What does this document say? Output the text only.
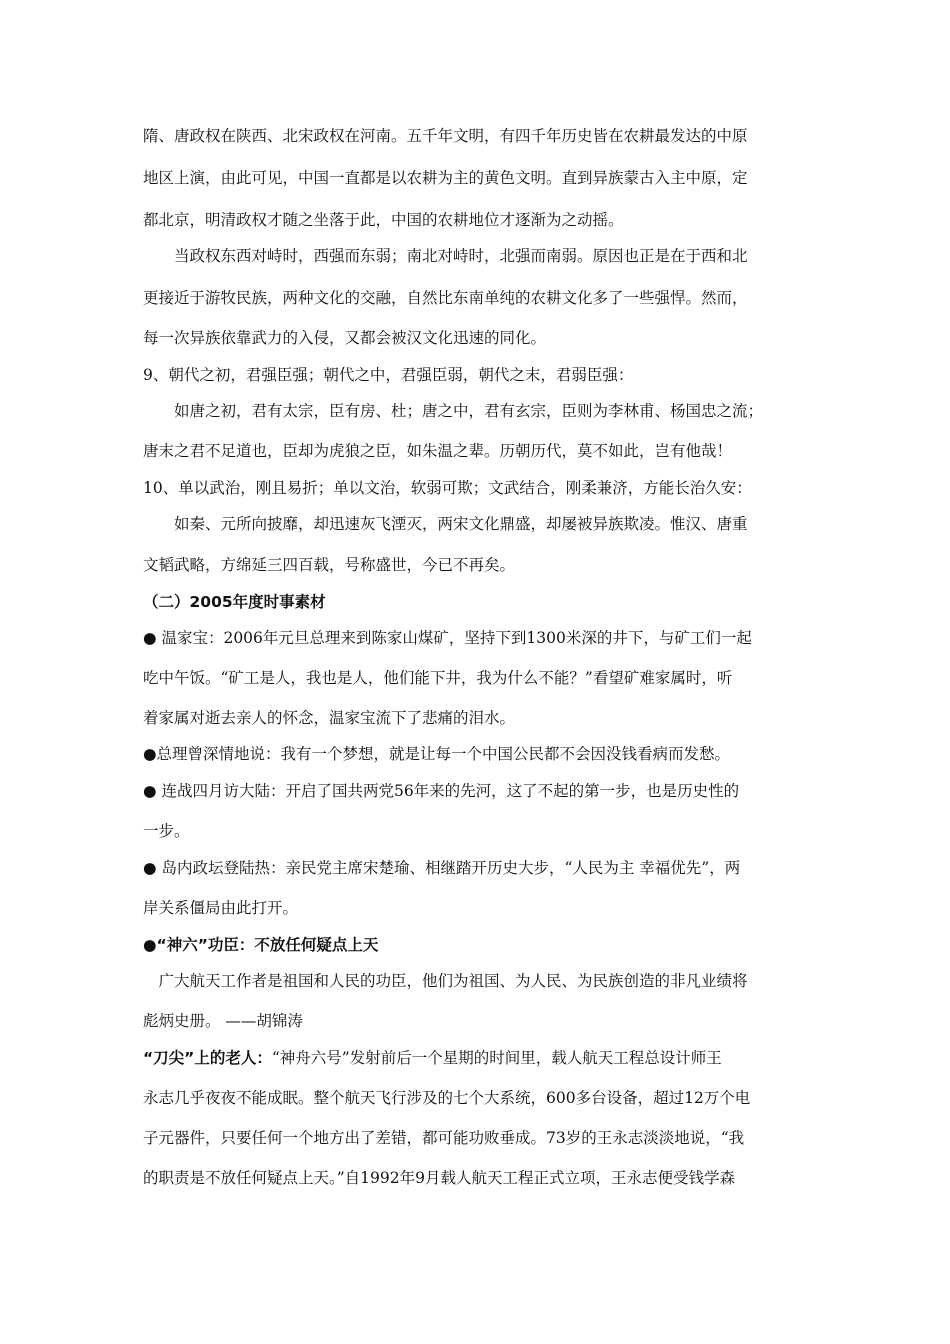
隋、唐政权在陕西、北宋政权在河南。五千年文明，有四千年历史皆在农耕最发达的中原
地区上演，由此可见，中国一直都是以农耕为主的黄色文明。直到异族蒙古入主中原，定
都北京，明清政权才随之坐落于此，中国的农耕地位才逐渐为之动摇。
　　当政权东西对峙时，西强而东弱；南北对峙时，北强而南弱。原因也正是在于西和北
更接近于游牧民族，两种文化的交融，自然比东南单纯的农耕文化多了一些强悍。然而，
每一次异族依靠武力的入侵，又都会被汉文化迅速的同化。
9、朝代之初，君强臣强；朝代之中，君强臣弱，朝代之末，君弱臣强：
　　如唐之初，君有太宗，臣有房、杜；唐之中，君有玄宗，臣则为李林甫、杨国忠之流；
唐末之君不足道也，臣却为虎狼之臣，如朱温之辈。历朝历代，莫不如此，岂有他哉！
10、单以武治，刚且易折；单以文治，软弱可欺；文武结合，刚柔兼济，方能长治久安：
　　如秦、元所向披靡，却迅速灰飞湮灭，两宋文化鼎盛，却屡被异族欺凌。惟汉、唐重
文韬武略，方绵延三四百载，号称盛世，今已不再矣。
（二）2005年度时事素材
● 温家宝：2006年元旦总理来到陈家山煤矿，坚持下到1300米深的井下，与矿工们一起
吃中午饭。“矿工是人，我也是人，他们能下井，我为什么不能？”看望矿难家属时，听
着家属对逝去亲人的怀念，温家宝流下了悲痛的泪水。
●总理曾深情地说：我有一个梦想，就是让每一个中国公民都不会因没钱看病而发愁。
● 连战四月访大陆：开启了国共两党56年来的先河，这了不起的第一步，也是历史性的
一步。
● 岛内政坛登陆热：亲民党主席宋楚瑜、相继踏开历史大步，“人民为主 幸福优先”，两
岸关系僵局由此打开。
●“神六”功臣：不放任何疑点上天
　广大航天工作者是祖国和人民的功臣，他们为祖国、为人民、为民族创造的非凡业绩将
彪炳史册。 ——胡锦涛
“刀尖”上的老人：“神舟六号”发射前后一个星期的时间里，载人航天工程总设计师王
永志几乎夜夜不能成眠。整个航天飞行涉及的七个大系统，600多台设备，超过12万个电
子元器件，只要任何一个地方出了差错，都可能功败垂成。73岁的王永志淡淡地说，“我
的职责是不放任何疑点上天。”自1992年9月载人航天工程正式立项，王永志便受钱学森
